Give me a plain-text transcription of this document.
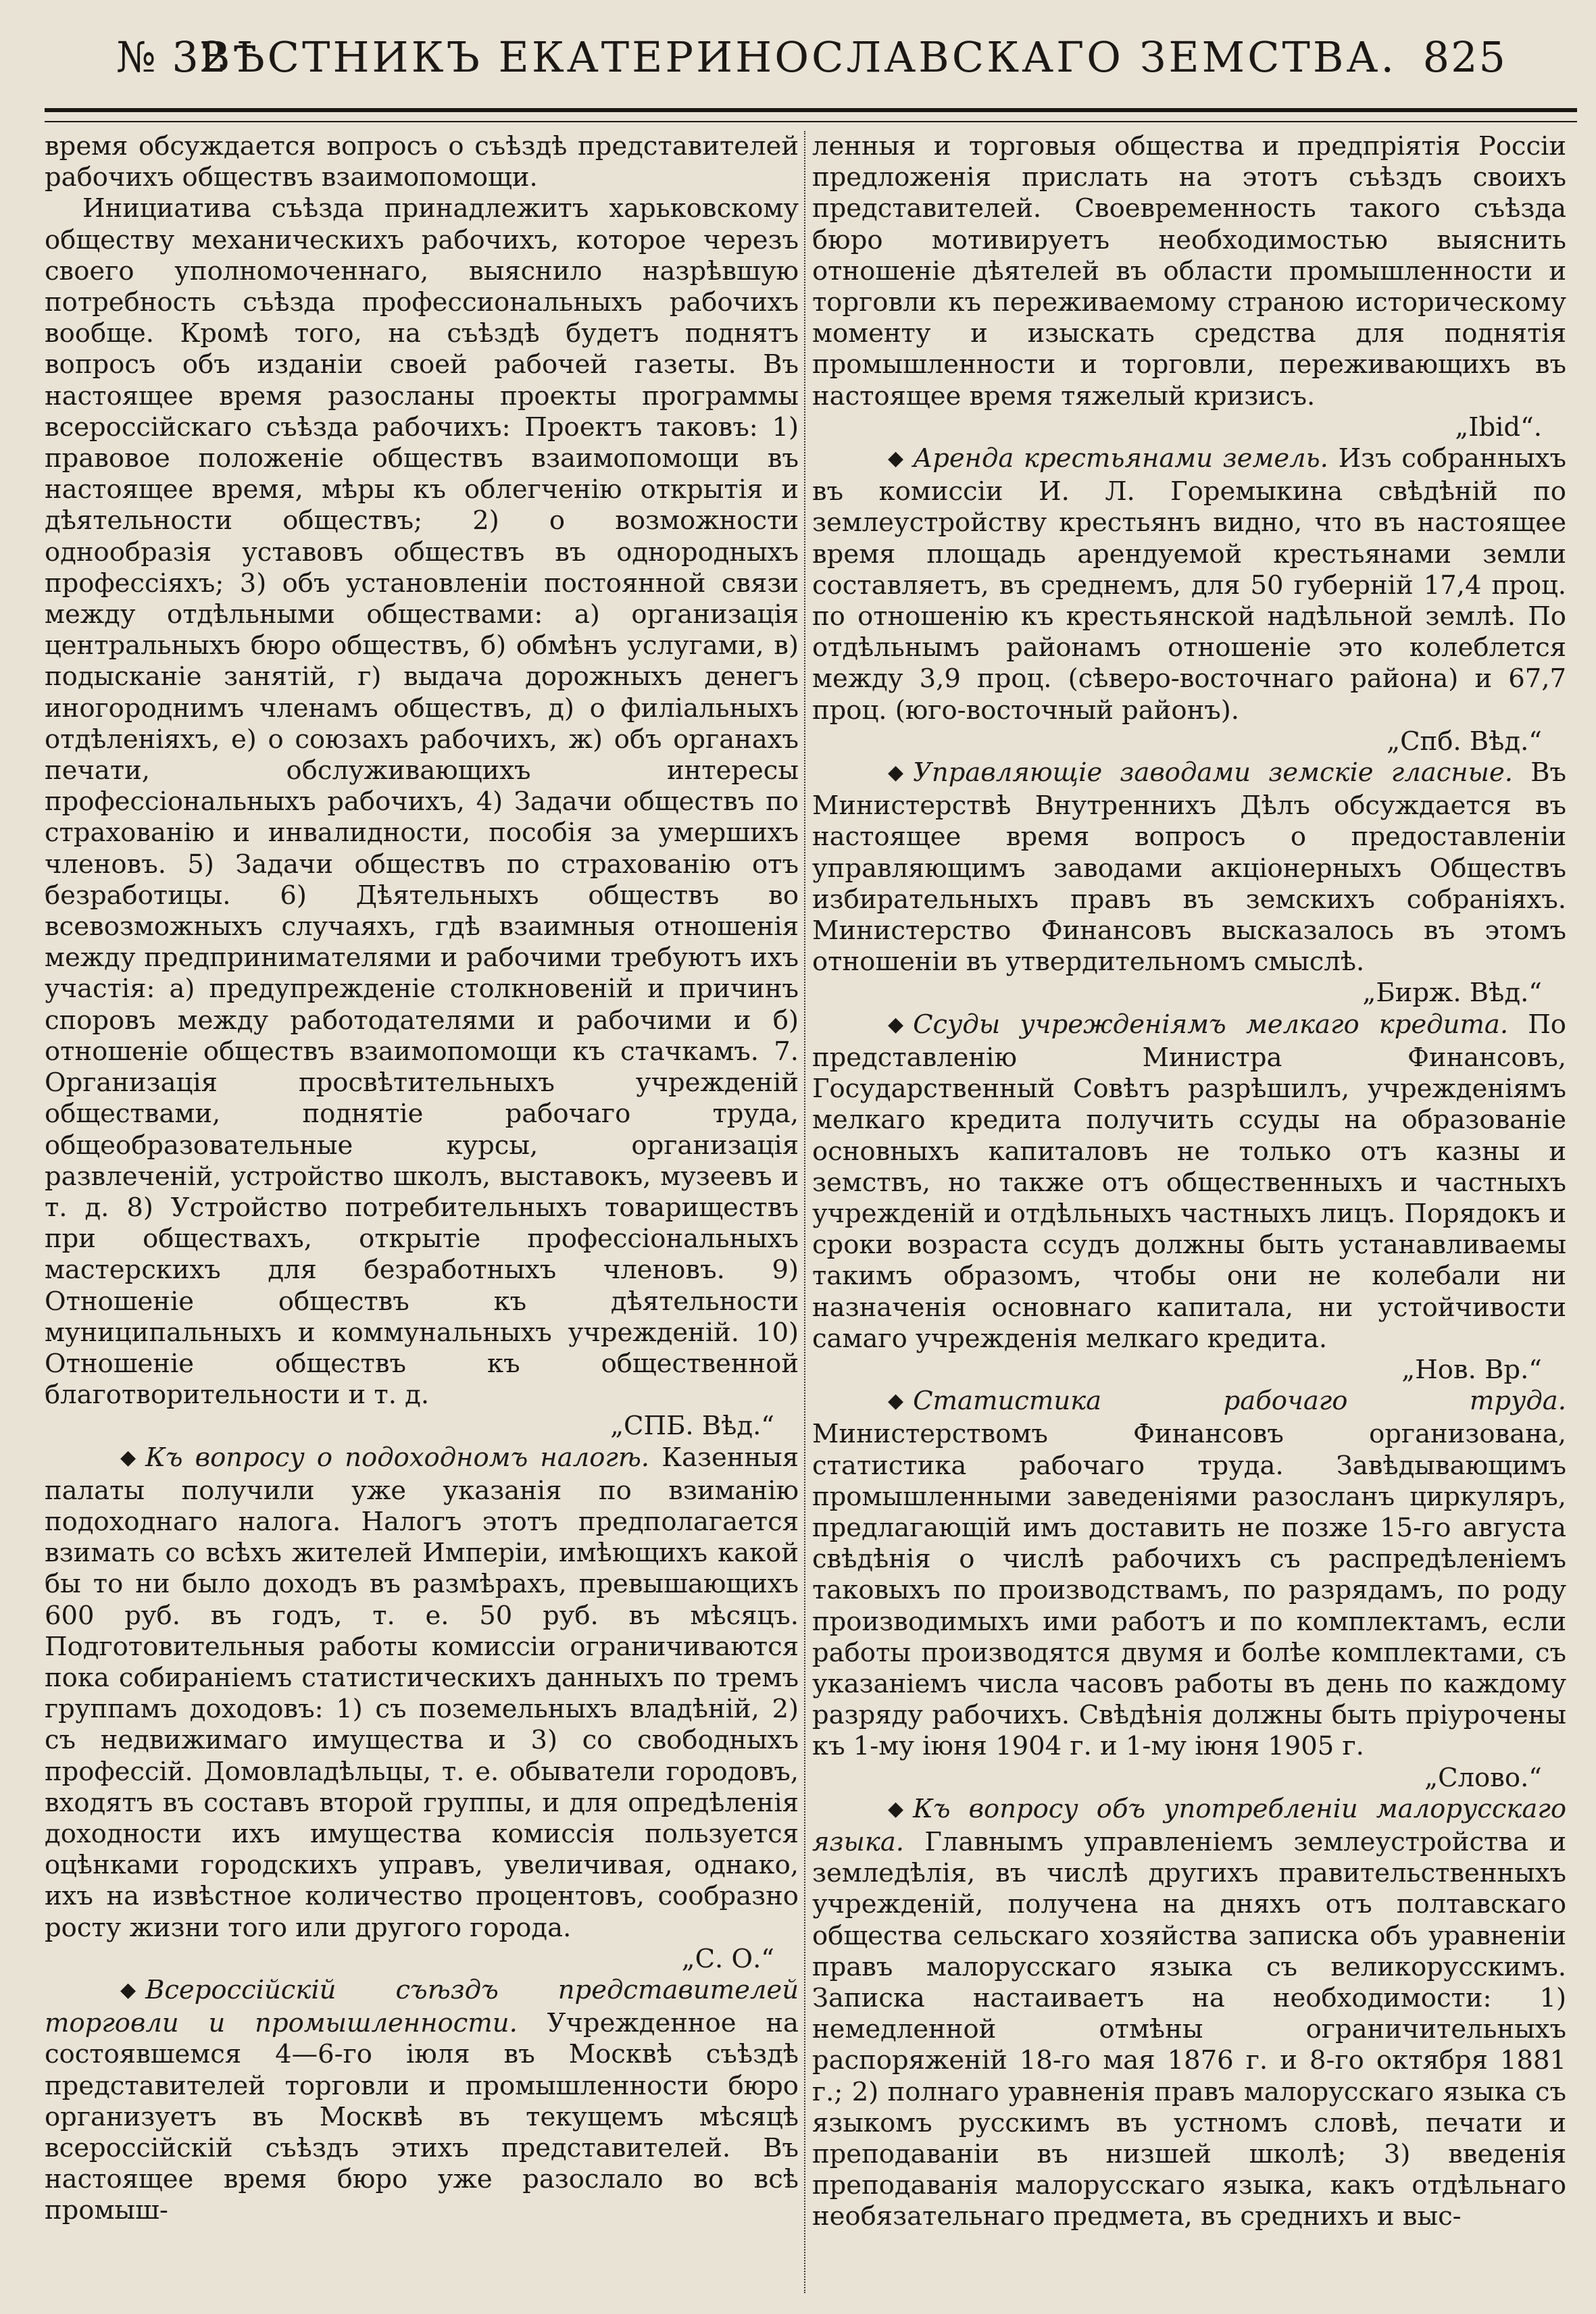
№ 32
ВѢСТНИКЪ ЕКАТЕРИНОСЛАВСКАГО ЗЕМСТВА. 825

время обсуждается вопросъ о съѣздѣ представителей рабочихъ обществъ взаимопомощи.

Инициатива съѣзда принадлежитъ харьковскому обществу механическихъ рабочихъ, которое черезъ своего уполномоченнаго, выяснило назрѣвшую потребность съѣзда профессиональныхъ рабочихъ вообще. Кромѣ того, на съѣздѣ будетъ поднятъ вопросъ объ изданіи своей рабочей газеты. Въ настоящее время разосланы проекты программы всероссійскаго съѣзда рабочихъ: Проектъ таковъ: 1) правовое положеніе обществъ взаимопомощи въ настоящее время, мѣры къ облегченію открытія и дѣятельности обществъ; 2) о возможности однообразія уставовъ обществъ въ однородныхъ профессіяхъ; 3) объ установленіи постоянной связи между отдѣльными обществами: а) организація центральныхъ бюро обществъ, б) обмѣнъ услугами, в) подысканіе занятій, г) выдача дорожныхъ денегъ иногороднимъ членамъ обществъ, д) о филіальныхъ отдѣленіяхъ, е) о союзахъ рабочихъ, ж) объ органахъ печати, обслуживающихъ интересы профессіональныхъ рабочихъ, 4) Задачи обществъ по страхованію и инвалидности, пособія за умершихъ членовъ. 5) Задачи обществъ по страхованію отъ безработицы. 6) Дѣятельныхъ обществъ во всевозможныхъ случаяхъ, гдѣ взаимныя отношенія между предпринимателями и рабочими требуютъ ихъ участія: а) предупрежденіе столкновеній и причинъ споровъ между работодателями и рабочими и б) отношеніе обществъ взаимопомощи къ стачкамъ. 7. Организація просвѣтительныхъ учрежденій обществами, поднятіе рабочаго труда, общеобразовательные курсы, организація развлеченій, устройство школъ, выставокъ, музеевъ и т. д. 8) Устройство потребительныхъ товариществъ при обществахъ, открытіе профессіональныхъ мастерскихъ для безработныхъ членовъ. 9) Отношеніе обществъ къ дѣятельности муниципальныхъ и коммунальныхъ учрежденій. 10) Отношеніе обществъ къ общественной благотворительности и т. д.

„СПБ. Вѣд.“

◆ Къ вопросу о подоходномъ налогѣ. Казенныя палаты получили уже указанія по взиманію подоходнаго налога. Налогъ этотъ предполагается взимать со всѣхъ жителей Имперіи, имѣющихъ какой бы то ни было доходъ въ размѣрахъ, превышающихъ 600 руб. въ годъ, т. е. 50 руб. въ мѣсяцъ. Подготовительныя работы комиссіи ограничиваются пока собираніемъ статистическихъ данныхъ по тремъ группамъ доходовъ: 1) съ поземельныхъ владѣній, 2) съ недвижимаго имущества и 3) со свободныхъ профессій. Домовладѣльцы, т. е. обыватели городовъ, входятъ въ составъ второй группы, и для опредѣленія доходности ихъ имущества комиссія пользуется оцѣнками городскихъ управъ, увеличивая, однако, ихъ на извѣстное количество процентовъ, сообразно росту жизни того или другого города.

„С. О.“

◆ Всероссійскій съѣздъ представителей торговли и промышленности. Учрежденное на состоявшемся 4—6-го іюля въ Москвѣ съѣздѣ представителей торговли и промышленности бюро организуетъ въ Москвѣ въ текущемъ мѣсяцѣ всероссійскій съѣздъ этихъ представителей. Въ настоящее время бюро уже разослало во всѣ промыш-

ленныя и торговыя общества и предпріятія Россіи предложенія прислать на этотъ съѣздъ своихъ представителей. Своевременность такого съѣзда бюро мотивируетъ необходимостью выяснить отношеніе дѣятелей въ области промышленности и торговли къ переживаемому страною историческому моменту и изыскать средства для поднятія промышленности и торговли, переживающихъ въ настоящее время тяжелый кризисъ.

„Ibid“.

◆ Аренда крестьянами земель. Изъ собранныхъ въ комиссіи И. Л. Горемыкина свѣдѣній по землеустройству крестьянъ видно, что въ настоящее время площадь арендуемой крестьянами земли составляетъ, въ среднемъ, для 50 губерній 17,4 проц. по отношенію къ крестьянской надѣльной землѣ. По отдѣльнымъ районамъ отношеніе это колеблется между 3,9 проц. (сѣверо-восточнаго района) и 67,7 проц. (юго-восточный районъ).

„Спб. Вѣд.“

◆ Управляющіе заводами земскіе гласные. Въ Министерствѣ Внутреннихъ Дѣлъ обсуждается въ настоящее время вопросъ о предоставленіи управляющимъ заводами акціонерныхъ Обществъ избирательныхъ правъ въ земскихъ собраніяхъ. Министерство Финансовъ высказалось въ этомъ отношеніи въ утвердительномъ смыслѣ.

„Бирж. Вѣд.“

◆ Ссуды учрежденіямъ мелкаго кредита. По представленію Министра Финансовъ, Государственный Совѣтъ разрѣшилъ, учрежденіямъ мелкаго кредита получить ссуды на образованіе основныхъ капиталовъ не только отъ казны и земствъ, но также отъ общественныхъ и частныхъ учрежденій и отдѣльныхъ частныхъ лицъ. Порядокъ и сроки возраста ссудъ должны быть устанавливаемы такимъ образомъ, чтобы они не колебали ни назначенія основнаго капитала, ни устойчивости самаго учрежденія мелкаго кредита.

„Нов. Вр.“

◆ Статистика рабочаго труда. Министерствомъ Финансовъ организована, статистика рабочаго труда. Завѣдывающимъ промышленными заведеніями разосланъ циркуляръ, предлагающій имъ доставить не позже 15-го августа свѣдѣнія о числѣ рабочихъ съ распредѣленіемъ таковыхъ по производствамъ, по разрядамъ, по роду производимыхъ ими работъ и по комплектамъ, если работы производятся двумя и болѣе комплектами, съ указаніемъ числа часовъ работы въ день по каждому разряду рабочихъ. Свѣдѣнія должны быть пріурочены къ 1-му іюня 1904 г. и 1-му іюня 1905 г.

„Слово.“

◆ Къ вопросу объ употребленіи малорусскаго языка. Главнымъ управленіемъ землеустройства и земледѣлія, въ числѣ другихъ правительственныхъ учрежденій, получена на дняхъ отъ полтавскаго общества сельскаго хозяйства записка объ уравненіи правъ малорусскаго языка съ великорусскимъ. Записка настаиваетъ на необходимости: 1) немедленной отмѣны ограничительныхъ распоряженій 18-го мая 1876 г. и 8-го октября 1881 г.; 2) полнаго уравненія правъ малорусскаго языка съ языкомъ русскимъ въ устномъ словѣ, печати и преподаваніи въ низшей школѣ; 3) введенія преподаванія малорусскаго языка, какъ отдѣльнаго необязательнаго предмета, въ среднихъ и выс-
